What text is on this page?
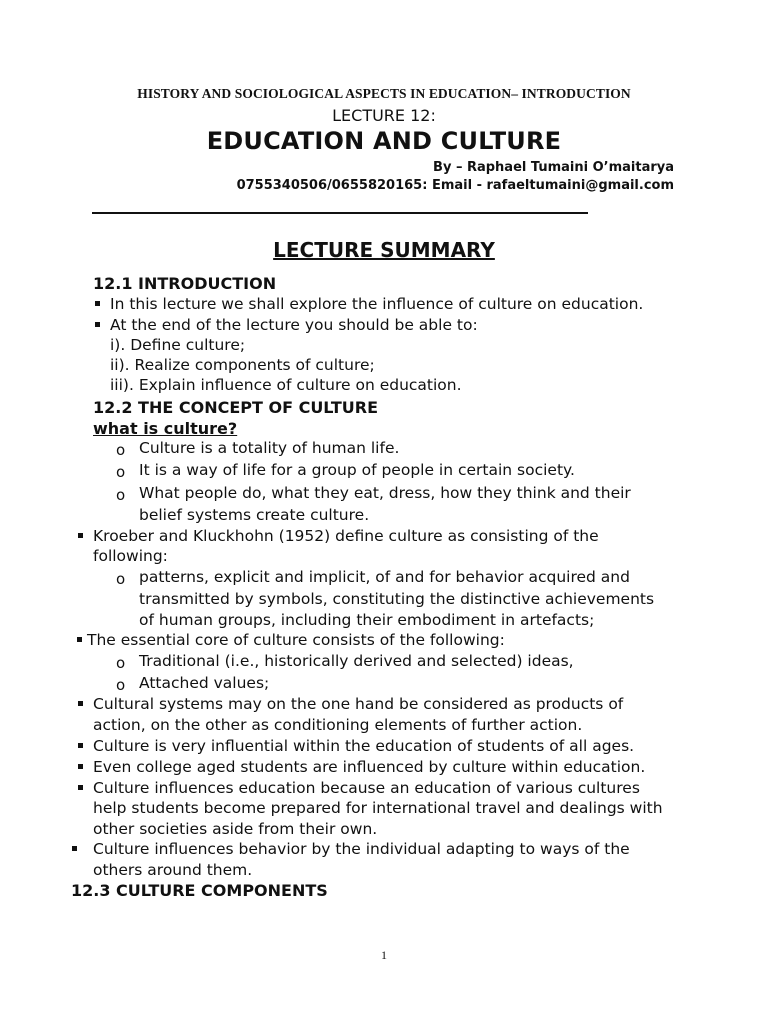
HISTORY AND SOCIOLOGICAL ASPECTS IN EDUCATION– INTRODUCTION
LECTURE 12:
EDUCATION AND CULTURE
By – Raphael Tumaini O’maitarya
0755340506/0655820165: Email - rafaeltumaini@gmail.com
LECTURE SUMMARY
12.1 INTRODUCTION
In this lecture we shall explore the influence of culture on education.
At the end of the lecture you should be able to:
i). Define culture;
ii). Realize components of culture;
iii). Explain influence of culture on education.
12.2 THE CONCEPT OF CULTURE
what is culture?
o Culture is a totality of human life.
o It is a way of life for a group of people in certain society.
o What people do, what they eat, dress, how they think and their
belief systems create culture.
Kroeber and Kluckhohn (1952) define culture as consisting of the
following:
o patterns, explicit and implicit, of and for behavior acquired and
transmitted by symbols, constituting the distinctive achievements
of human groups, including their embodiment in artefacts;
The essential core of culture consists of the following:
o Traditional (i.e., historically derived and selected) ideas,
o Attached values;
Cultural systems may on the one hand be considered as products of
action, on the other as conditioning elements of further action.
Culture is very influential within the education of students of all ages.
Even college aged students are influenced by culture within education.
Culture influences education because an education of various cultures
help students become prepared for international travel and dealings with
other societies aside from their own.
Culture influences behavior by the individual adapting to ways of the
others around them.
12.3 CULTURE COMPONENTS
1
